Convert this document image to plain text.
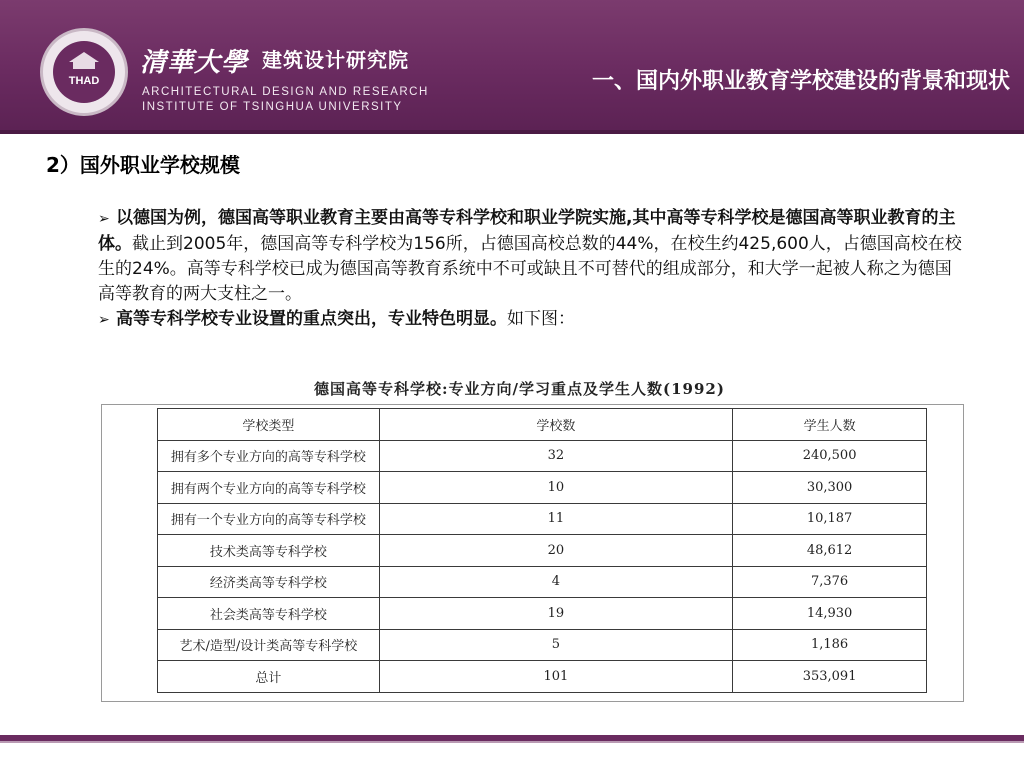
THAD
清華大學 建筑设计研究院
ARCHITECTURAL DESIGN AND RESEARCH
INSTITUTE OF TSINGHUA UNIVERSITY
一、国内外职业教育学校建设的背景和现状
2）国外职业学校规模
➢ 以德国为例，德国高等职业教育主要由高等专科学校和职业学院实施,其中高等专科学校是德国高等职业教育的主体。截止到2005年，德国高等专科学校为156所，占德国高校总数的44%，在校生约425,600人，占德国高校在校生的24%。高等专科学校已成为德国高等教育系统中不可或缺且不可替代的组成部分，和大学一起被人称之为德国高等教育的两大支柱之一。
➢ 高等专科学校专业设置的重点突出，专业特色明显。如下图：
德国高等专科学校:专业方向/学习重点及学生人数(1992)
学校类型	学校数	学生人数
拥有多个专业方向的高等专科学校	32	240,500
拥有两个专业方向的高等专科学校	10	30,300
拥有一个专业方向的高等专科学校	11	10,187
技术类高等专科学校	20	48,612
经济类高等专科学校	4	7,376
社会类高等专科学校	19	14,930
艺术/造型/设计类高等专科学校	5	1,186
总计	101	353,091
